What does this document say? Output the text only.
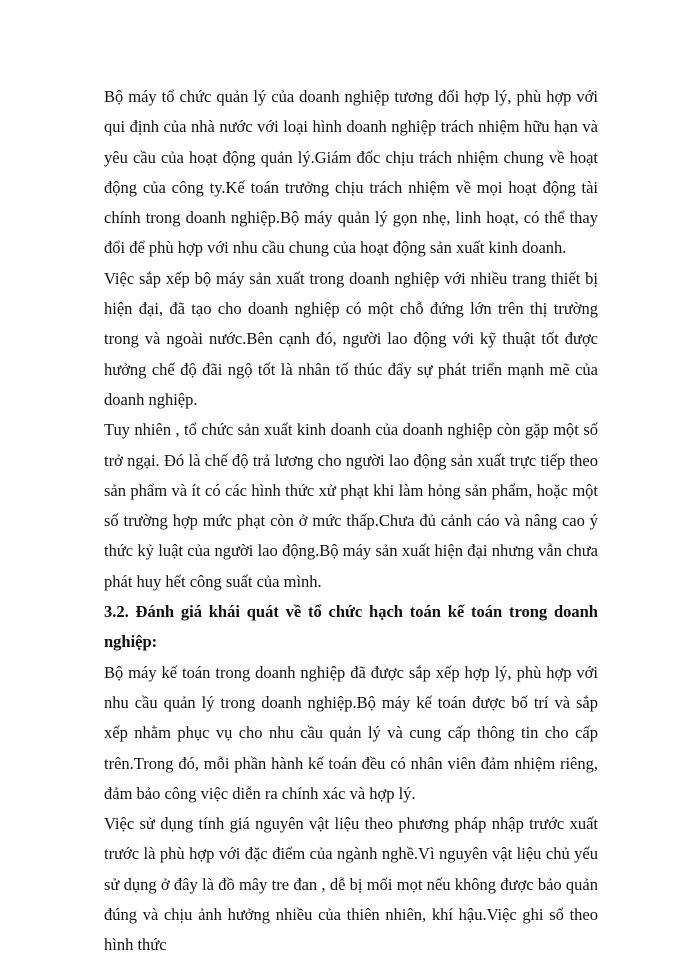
Bộ máy tổ chức quản lý của doanh nghiệp tương đối hợp lý, phù hợp với qui định của nhà nước với loại hình doanh nghiệp trách nhiệm hữu hạn và yêu cầu của hoạt động quản lý.Giám đốc chịu trách nhiệm chung về hoạt động của công ty.Kế toán trưởng chịu trách nhiệm về mọi hoạt động tài chính trong doanh nghiệp.Bộ máy quản lý gọn nhẹ, linh hoạt, có thể thay đổi để phù hợp với nhu cầu chung của hoạt động sản xuất kinh doanh.

Việc sắp xếp bộ máy sản xuất trong doanh nghiệp với nhiều trang thiết bị hiện đại, đã tạo cho doanh nghiệp có một chỗ đứng lớn trên thị trường trong và ngoài nước.Bên cạnh đó, người lao động với kỹ thuật tốt được hưởng chế độ đãi ngộ tốt là nhân tố thúc đẩy sự phát triển mạnh mẽ của doanh nghiệp.

Tuy nhiên , tổ chức sản xuất kinh doanh của doanh nghiệp còn gặp một số trở ngại. Đó là chế độ trả lương cho người lao động sản xuất trực tiếp theo sản phẩm và ít có các hình thức xử phạt khi làm hỏng sản phẩm, hoặc một số trường hợp mức phạt còn ở mức thấp.Chưa đủ cảnh cáo và nâng cao ý thức kỷ luật của người lao động.Bộ máy sản xuất hiện đại nhưng vẫn chưa phát huy hết công suất của mình.

3.2. Đánh giá khái quát về tổ chức hạch toán kế toán trong doanh nghiệp:

Bộ máy kế toán trong doanh nghiệp đã được sắp xếp hợp lý, phù hợp với nhu cầu quản lý trong doanh nghiệp.Bộ máy kế toán được bố trí và sắp xếp nhằm phục vụ cho nhu cầu quản lý và cung cấp thông tin cho cấp trên.Trong đó, mỗi phần hành kế toán đều có nhân viên đảm nhiệm riêng, đảm bảo công việc diễn ra chính xác và hợp lý.

Việc sử dụng tính giá nguyên vật liệu theo phương pháp nhập trước xuất trước là phù hợp với đặc điểm của ngành nghề.Vì nguyên vật liệu chủ yếu sử dụng ở đây là đồ mây tre đan , dễ bị mối mọt nếu không được bảo quản đúng và chịu ảnh hưởng nhiều của thiên nhiên, khí hậu.Việc ghi sổ theo hình thức
